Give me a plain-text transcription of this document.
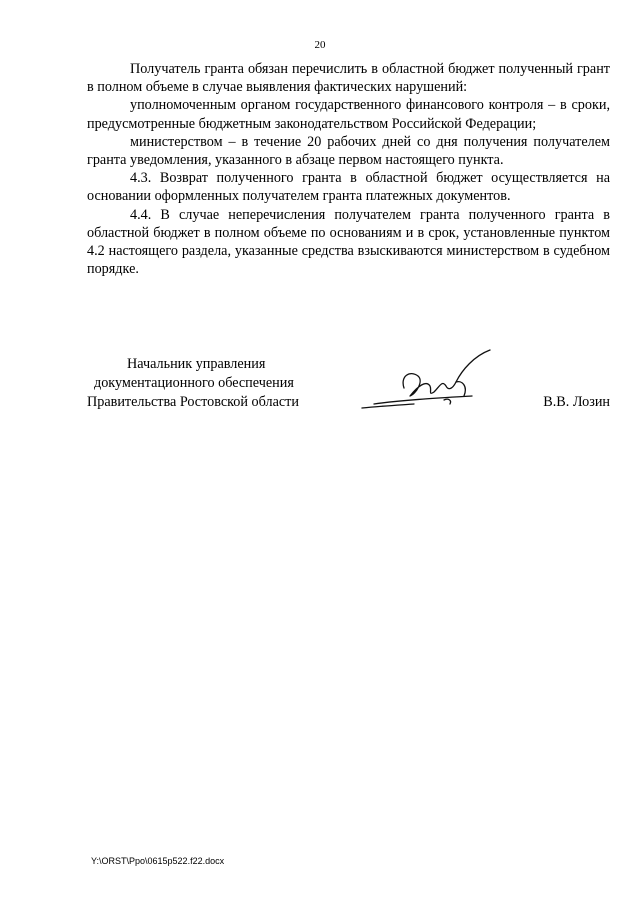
20

Получатель гранта обязан перечислить в областной бюджет полученный грант в полном объеме в случае выявления фактических нарушений:

уполномоченным органом государственного финансового контроля – в сроки, предусмотренные бюджетным законодательством Российской Федерации;

министерством – в течение 20 рабочих дней со дня получения получателем гранта уведомления, указанного в абзаце первом настоящего пункта.

4.3. Возврат полученного гранта в областной бюджет осуществляется на основании оформленных получателем гранта платежных документов.

4.4. В случае неперечисления получателем гранта полученного гранта в областной бюджет в полном объеме по основаниям и в срок, установленные пунктом 4.2 настоящего раздела, указанные средства взыскиваются министерством в судебном порядке.

Начальник управления
документационного обеспечения
Правительства Ростовской области	В.В. Лозин
Y:\ORST\Ppo\0615p522.f22.docx
